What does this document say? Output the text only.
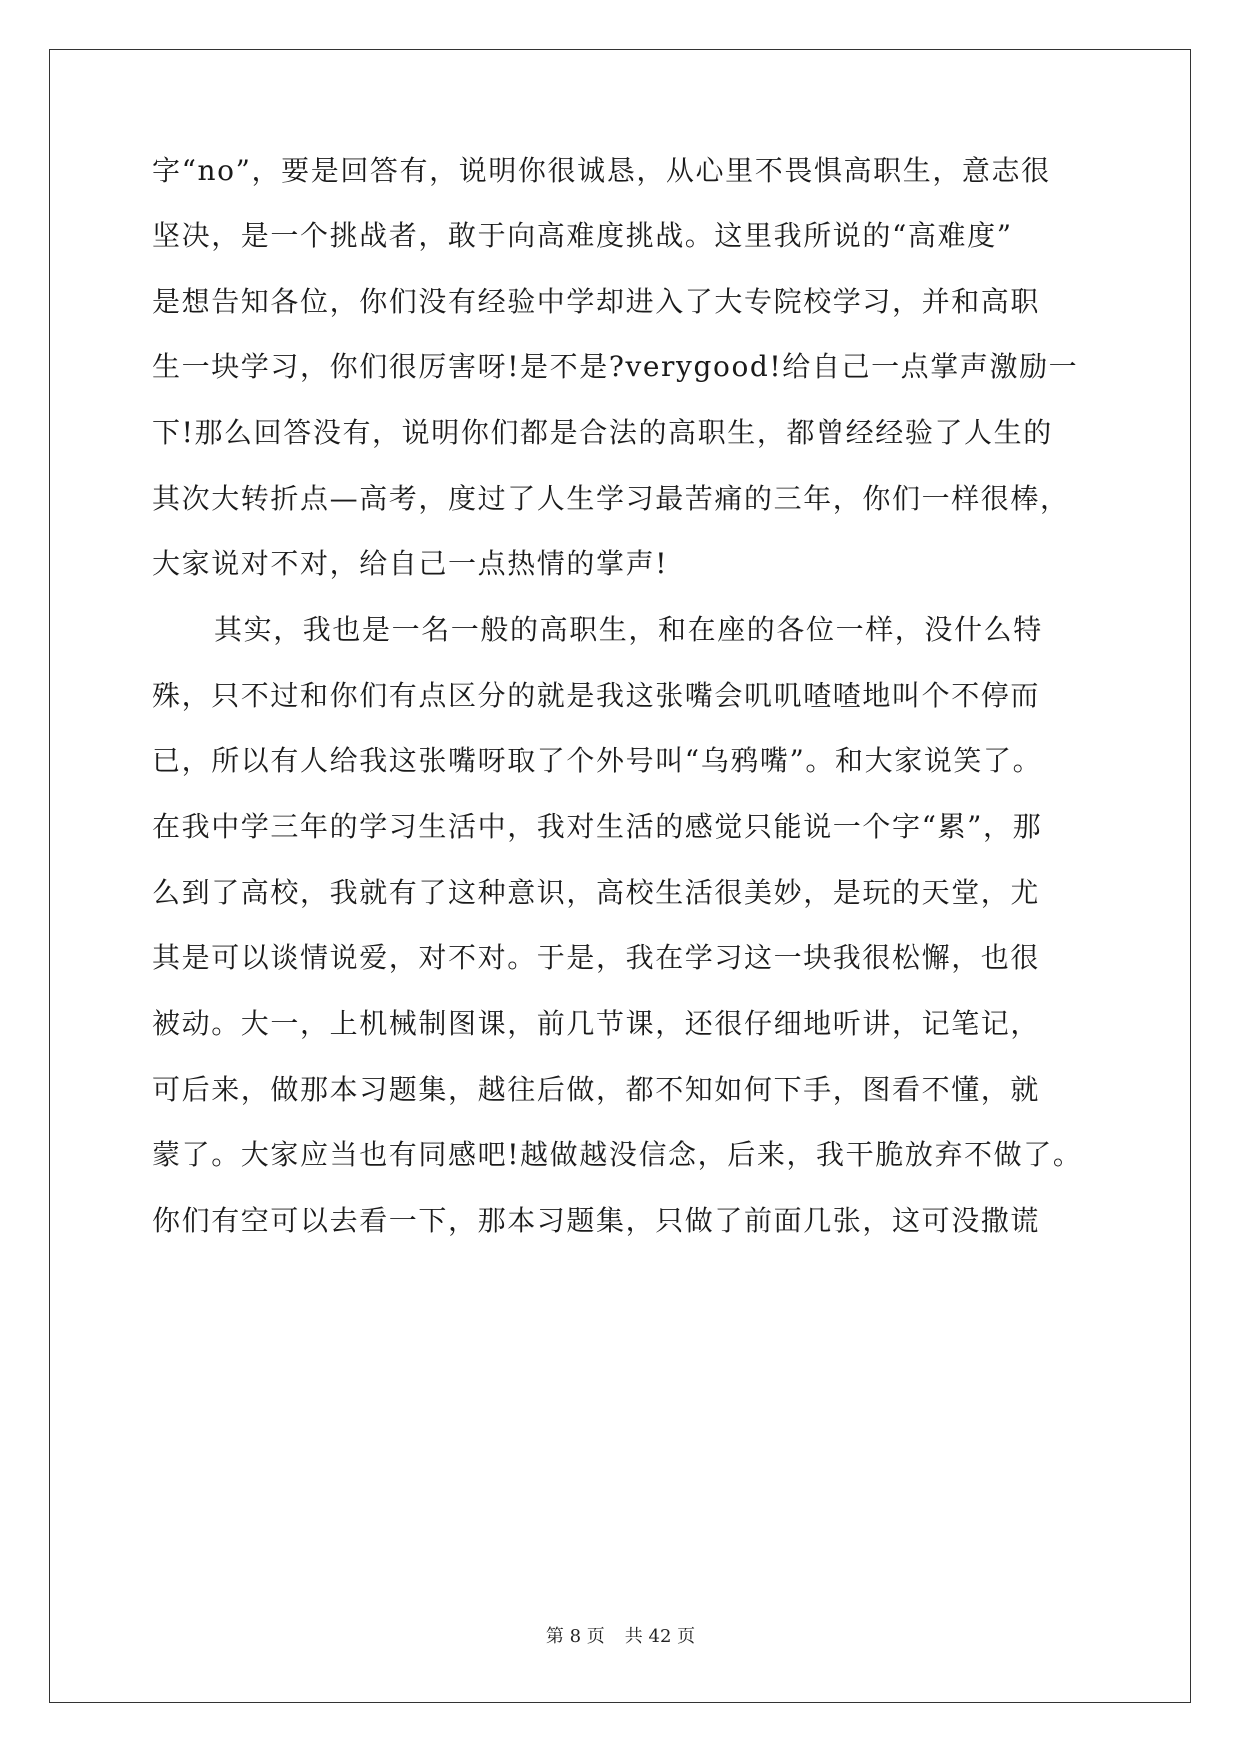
字“no”，要是回答有，说明你很诚恳，从心里不畏惧高职生，意志很
坚决，是一个挑战者，敢于向高难度挑战。这里我所说的“高难度”
是想告知各位，你们没有经验中学却进入了大专院校学习，并和高职
生一块学习，你们很厉害呀!是不是?verygood!给自己一点掌声激励一
下!那么回答没有，说明你们都是合法的高职生，都曾经经验了人生的
其次大转折点—高考，度过了人生学习最苦痛的三年，你们一样很棒，
大家说对不对，给自己一点热情的掌声!
其实，我也是一名一般的高职生，和在座的各位一样，没什么特
殊，只不过和你们有点区分的就是我这张嘴会叽叽喳喳地叫个不停而
已，所以有人给我这张嘴呀取了个外号叫“乌鸦嘴”。和大家说笑了。
在我中学三年的学习生活中，我对生活的感觉只能说一个字“累”，那
么到了高校，我就有了这种意识，高校生活很美妙，是玩的天堂，尤
其是可以谈情说爱，对不对。于是，我在学习这一块我很松懈，也很
被动。大一，上机械制图课，前几节课，还很仔细地听讲，记笔记，
可后来，做那本习题集，越往后做，都不知如何下手，图看不懂，就
蒙了。大家应当也有同感吧!越做越没信念，后来，我干脆放弃不做了。
你们有空可以去看一下，那本习题集，只做了前面几张，这可没撒谎
第 8 页 共 42 页
